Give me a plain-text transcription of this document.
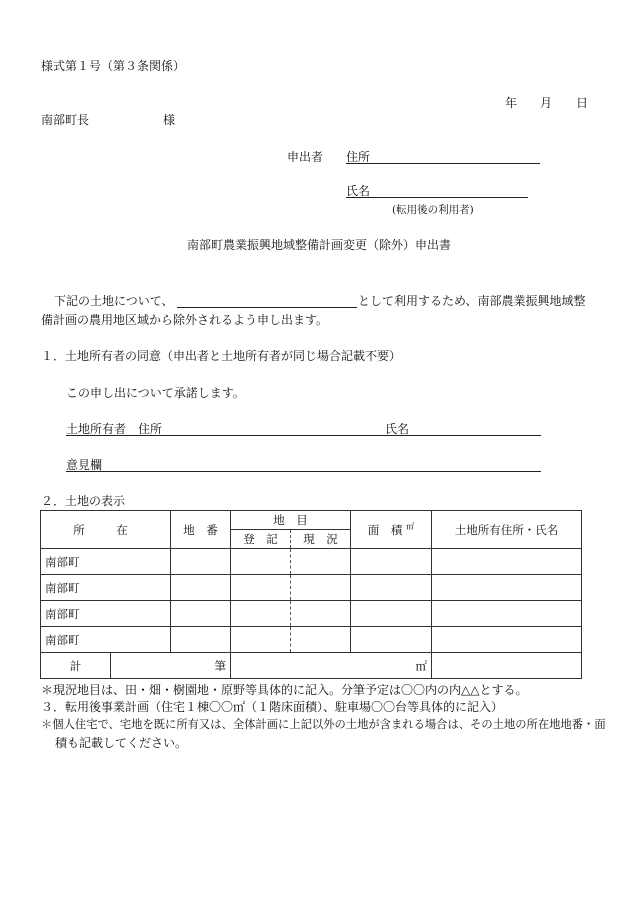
様式第１号（第３条関係）
年 月 日
南部町長	様
申出者 住所
氏名
(転用後の利用者)
南部町農業振興地域整備計画変更（除外）申出書
下記の土地について、	として利用するため、南部農業振興地域整
備計画の農用地区域から除外されるよう申し出ます。
１．土地所有者の同意（申出者と土地所有者が同じ場合記載不要）
この申し出について承諾します。
土地所有者　住所	氏名
意見欄
２．土地の表示
所　在		地　番	地　目		面　積 ㎡	土地所有住所・氏名
			登　記	現　況		
南部町						
南部町						
南部町						
南部町						
計	筆		㎡			
＊現況地目は、田・畑・樹園地・原野等具体的に記入。分筆予定は〇〇内の内△△とする。
３．転用後事業計画（住宅１棟〇〇㎡（１階床面積）、駐車場〇〇台等具体的に記入）
＊個人住宅で、宅地を既に所有又は、全体計画に上記以外の土地が含まれる場合は、その土地の所在地地番・面
積も記載してください。
